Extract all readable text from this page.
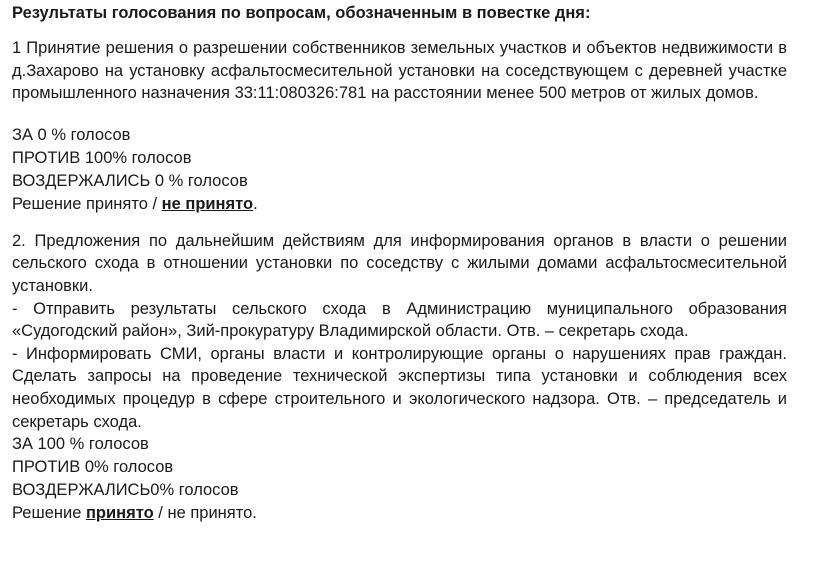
Результаты голосования по вопросам, обозначенным в повестке дня:

1 Принятие решения о разрешении собственников земельных участков и объектов недвижимости в д.Захарово на установку асфальтосмесительной установки на соседствующем с деревней участке промышленного назначения 33:11:080326:781 на расстоянии менее 500 метров от жилых домов.

ЗА 0 % голосов

ПРОТИВ 100% голосов

ВОЗДЕРЖАЛИСЬ 0 % голосов

Решение принято / не принято.

2. Предложения по дальнейшим действиям для информирования органов в власти о решении сельского схода в отношении установки по соседству с жилыми домами асфальтосмесительной установки.

- Отправить результаты сельского схода в Администрацию муниципального образования «Судогодский район», Зий-прокуратуру Владимирской области. Отв. – секретарь схода.

- Информировать СМИ, органы власти и контролирующие органы о нарушениях прав граждан. Сделать запросы на проведение технической экспертизы типа установки и соблюдения всех необходимых процедур в сфере строительного и экологического надзора. Отв. – председатель и секретарь схода.

ЗА 100 % голосов

ПРОТИВ 0% голосов

ВОЗДЕРЖАЛИСЬ0% голосов

Решение принято / не принято.
